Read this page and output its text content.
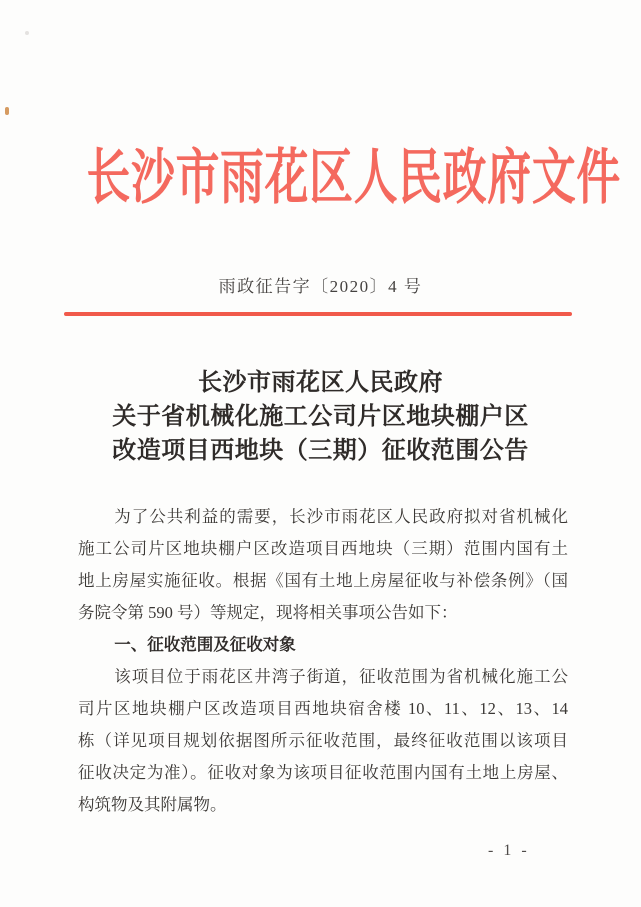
长沙市雨花区人民政府文件
雨政征告字〔2020〕4 号
长沙市雨花区人民政府
关于省机械化施工公司片区地块棚户区
改造项目西地块（三期）征收范围公告
为了公共利益的需要，长沙市雨花区人民政府拟对省机械化
施工公司片区地块棚户区改造项目西地块（三期）范围内国有土
地上房屋实施征收。根据《国有土地上房屋征收与补偿条例》（国
务院令第 590 号）等规定，现将相关事项公告如下：
一、征收范围及征收对象
该项目位于雨花区井湾子街道，征收范围为省机械化施工公
司片区地块棚户区改造项目西地块宿舍楼 10、11、12、13、14
栋（详见项目规划依据图所示征收范围，最终征收范围以该项目
征收决定为准）。征收对象为该项目征收范围内国有土地上房屋、
构筑物及其附属物。
- 1 -
